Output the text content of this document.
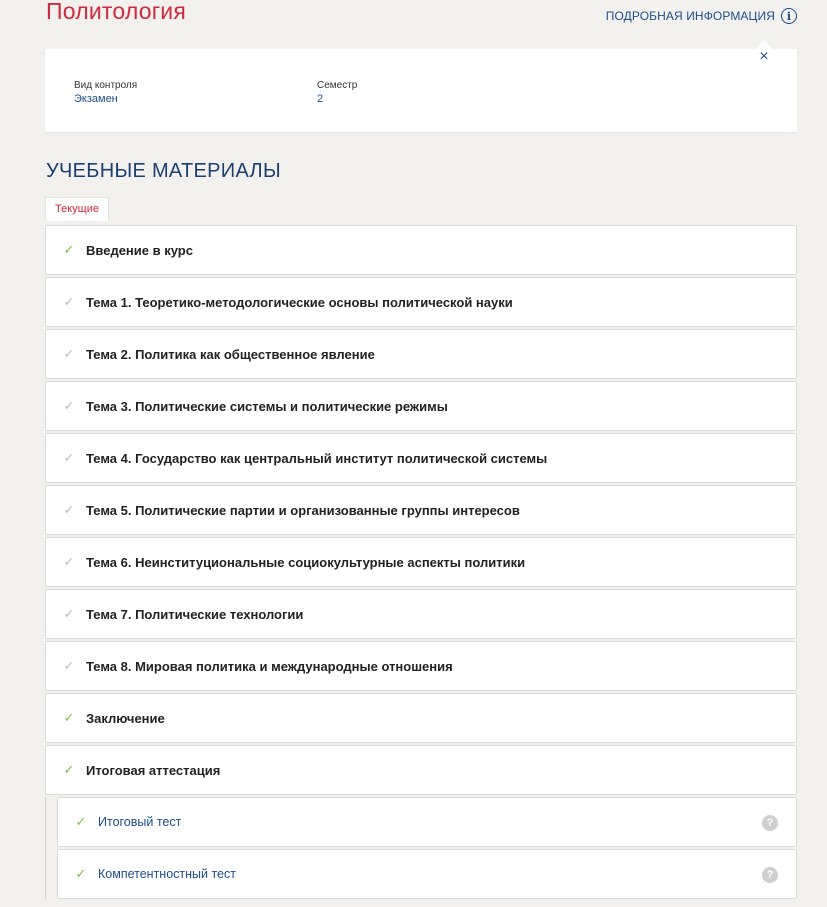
Политология	ПОДРОБНАЯ ИНФОРМАЦИЯ	i
×
Вид контроля
Экзамен
Семестр
2
УЧЕБНЫЕ МАТЕРИАЛЫ
Текущие
✓ Введение в курс
✓ Тема 1. Теоретико-методологические основы политической науки
✓ Тема 2. Политика как общественное явление
✓ Тема 3. Политические системы и политические режимы
✓ Тема 4. Государство как центральный институт политической системы
✓ Тема 5. Политические партии и организованные группы интересов
✓ Тема 6. Неинституциональные социокультурные аспекты политики
✓ Тема 7. Политические технологии
✓ Тема 8. Мировая политика и международные отношения
✓ Заключение
✓ Итоговая аттестация
✓ Итоговый тест	?
✓ Компетентностный тест	?
